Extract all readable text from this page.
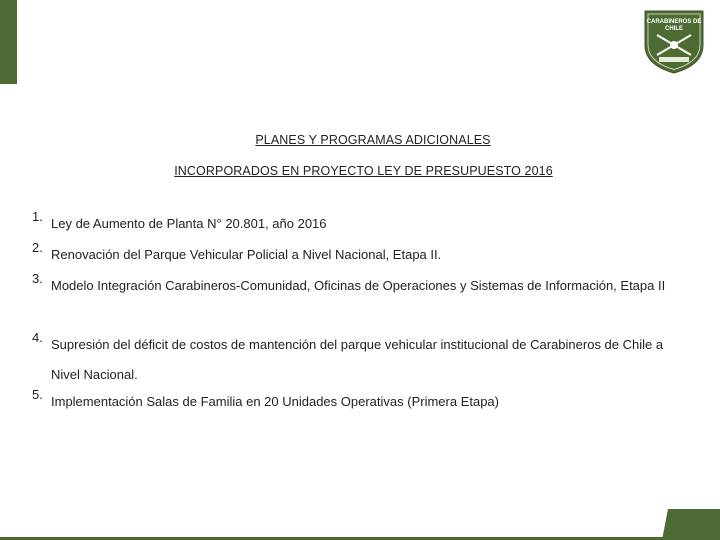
CARABINEROS DE
CHILE
PLANES Y PROGRAMAS ADICIONALES
INCORPORADOS EN PROYECTO LEY DE PRESUPUESTO 2016
1. Ley de Aumento de Planta N° 20.801, año 2016
2. Renovación del Parque Vehicular Policial a Nivel Nacional, Etapa II.
3. Modelo Integración Carabineros-Comunidad, Oficinas de Operaciones y Sistemas de Información, Etapa II
4. Supresión del déficit de costos de mantención del parque vehicular institucional de Carabineros de Chile a Nivel Nacional.
5. Implementación Salas de Familia en 20 Unidades Operativas (Primera Etapa)
